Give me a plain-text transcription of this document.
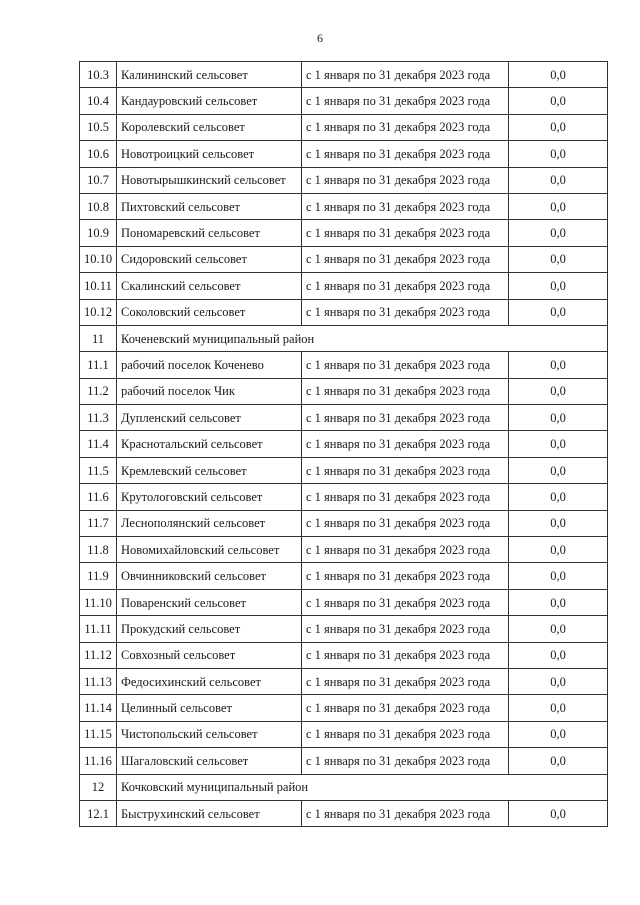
6
10.3	Калининский сельсовет	с 1 января по 31 декабря 2023 года	0,0
10.4	Кандауровский сельсовет	с 1 января по 31 декабря 2023 года	0,0
10.5	Королевский сельсовет	с 1 января по 31 декабря 2023 года	0,0
10.6	Новотроицкий сельсовет	с 1 января по 31 декабря 2023 года	0,0
10.7	Новотырышкинский сельсовет	с 1 января по 31 декабря 2023 года	0,0
10.8	Пихтовский сельсовет	с 1 января по 31 декабря 2023 года	0,0
10.9	Пономаревский сельсовет	с 1 января по 31 декабря 2023 года	0,0
10.10	Сидоровский сельсовет	с 1 января по 31 декабря 2023 года	0,0
10.11	Скалинский сельсовет	с 1 января по 31 декабря 2023 года	0,0
10.12	Соколовский сельсовет	с 1 января по 31 декабря 2023 года	0,0
11	Коченевский муниципальный район		
11.1	рабочий поселок Коченево	с 1 января по 31 декабря 2023 года	0,0
11.2	рабочий поселок Чик	с 1 января по 31 декабря 2023 года	0,0
11.3	Дупленский сельсовет	с 1 января по 31 декабря 2023 года	0,0
11.4	Краснотальский сельсовет	с 1 января по 31 декабря 2023 года	0,0
11.5	Кремлевский сельсовет	с 1 января по 31 декабря 2023 года	0,0
11.6	Крутологовский сельсовет	с 1 января по 31 декабря 2023 года	0,0
11.7	Леснополянский сельсовет	с 1 января по 31 декабря 2023 года	0,0
11.8	Новомихайловский сельсовет	с 1 января по 31 декабря 2023 года	0,0
11.9	Овчинниковский сельсовет	с 1 января по 31 декабря 2023 года	0,0
11.10	Поваренский сельсовет	с 1 января по 31 декабря 2023 года	0,0
11.11	Прокудский сельсовет	с 1 января по 31 декабря 2023 года	0,0
11.12	Совхозный сельсовет	с 1 января по 31 декабря 2023 года	0,0
11.13	Федосихинский сельсовет	с 1 января по 31 декабря 2023 года	0,0
11.14	Целинный сельсовет	с 1 января по 31 декабря 2023 года	0,0
11.15	Чистопольский сельсовет	с 1 января по 31 декабря 2023 года	0,0
11.16	Шагаловский сельсовет	с 1 января по 31 декабря 2023 года	0,0
12	Кочковский муниципальный район		
12.1	Быструхинский сельсовет	с 1 января по 31 декабря 2023 года	0,0
